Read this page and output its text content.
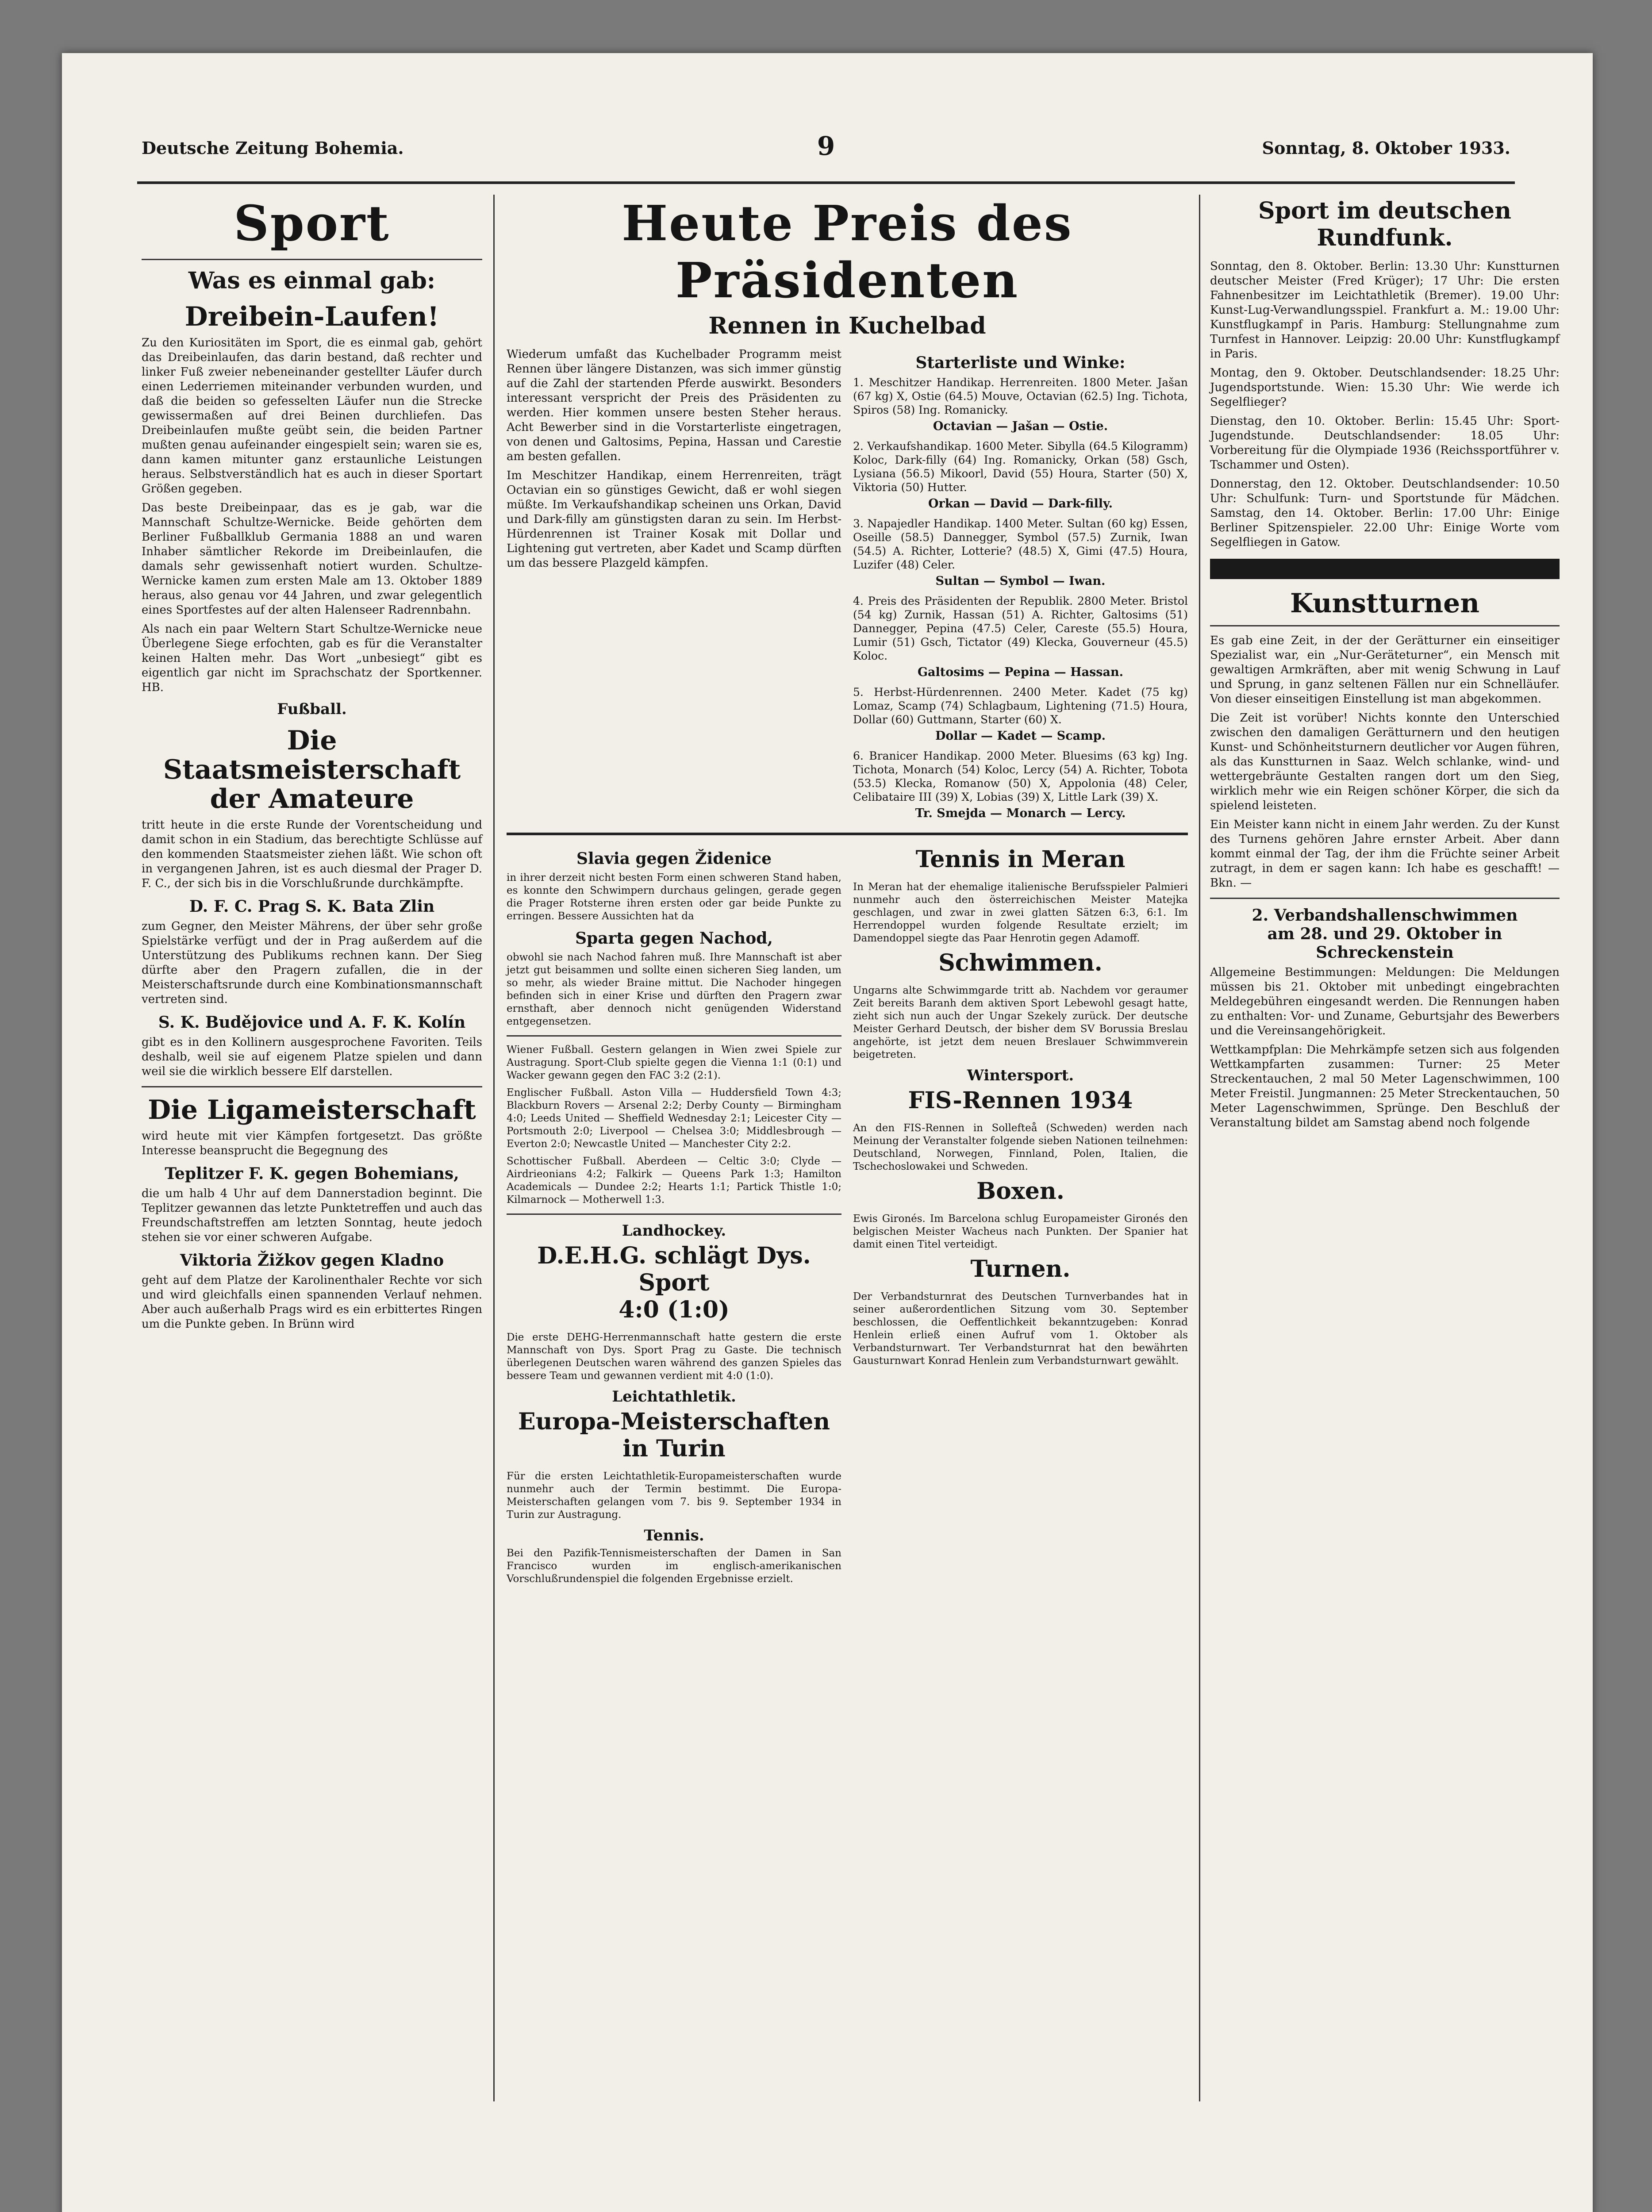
Deutsche Zeitung Bohemia.	9	Sonntag, 8. Oktober 1933.
Sport
Was es einmal gab:
Dreibein-Laufen!

Zu den Kuriositäten im Sport, die es einmal gab, gehört das Dreibeinlaufen, das darin bestand, daß rechter und linker Fuß zweier nebeneinander gestellter Läufer durch einen Lederriemen miteinander verbunden wurden, und daß die beiden so gefesselten Läufer nun die Strecke gewissermaßen auf drei Beinen durchliefen. Das Dreibeinlaufen mußte geübt sein, die beiden Partner mußten genau aufeinander eingespielt sein; waren sie es, dann kamen mitunter ganz erstaunliche Leistungen heraus. Selbstverständlich hat es auch in dieser Sportart Größen gegeben.

Das beste Dreibeinpaar, das es je gab, war die Mannschaft Schultze-Wernicke. Beide gehörten dem Berliner Fußballklub Germania 1888 an und waren Inhaber sämtlicher Rekorde im Dreibeinlaufen, die damals sehr gewissenhaft notiert wurden. Schultze-Wernicke kamen zum ersten Male am 13. Oktober 1889 heraus, also genau vor 44 Jahren, und zwar gelegentlich eines Sportfestes auf der alten Halenseer Radrennbahn.

Als nach ein paar Weltern Start Schultze-Wernicke neue Überlegene Siege erfochten, gab es für die Veranstalter keinen Halten mehr. Das Wort „unbesiegt“ gibt es eigentlich gar nicht im Sprachschatz der Sportkenner. HB.

Fußball.
Die Staatsmeisterschaft
der Amateure

tritt heute in die erste Runde der Vorentscheidung und damit schon in ein Stadium, das berechtigte Schlüsse auf den kommenden Staatsmeister ziehen läßt. Wie schon oft in vergangenen Jahren, ist es auch diesmal der Prager D. F. C., der sich bis in die Vorschlußrunde durchkämpfte.

D. F. C. Prag S. K. Bata Zlin

zum Gegner, den Meister Mährens, der über sehr große Spielstärke verfügt und der in Prag außerdem auf die Unterstützung des Publikums rechnen kann. Der Sieg dürfte aber den Pragern zufallen, die in der Meisterschaftsrunde durch eine Kombinationsmannschaft vertreten sind.

S. K. Budějovice und A. F. K. Kolín

gibt es in den Kollinern ausgesprochene Favoriten. Teils deshalb, weil sie auf eigenem Platze spielen und dann weil sie die wirklich bessere Elf darstellen.

Die Ligameisterschaft

wird heute mit vier Kämpfen fortgesetzt. Das größte Interesse beansprucht die Begegnung des

Teplitzer F. K. gegen Bohemians,

die um halb 4 Uhr auf dem Dannerstadion beginnt. Die Teplitzer gewannen das letzte Punktetreffen und auch das Freundschaftstreffen am letzten Sonntag, heute jedoch stehen sie vor einer schweren Aufgabe.

Viktoria Žižkov gegen Kladno

geht auf dem Platze der Karolinenthaler Rechte vor sich und wird gleichfalls einen spannenden Verlauf nehmen. Aber auch außerhalb Prags wird es ein erbittertes Ringen um die Punkte geben. In Brünn wird

Heute Preis des Präsidenten
Rennen in Kuchelbad

Wiederum umfaßt das Kuchelbader Programm meist Rennen über längere Distanzen, was sich immer günstig auf die Zahl der startenden Pferde auswirkt. Besonders interessant verspricht der Preis des Präsidenten zu werden. Hier kommen unsere besten Steher heraus. Acht Bewerber sind in die Vorstarterliste eingetragen, von denen und Galtosims, Pepina, Hassan und Carestie am besten gefallen.

Im Meschitzer Handikap, einem Herrenreiten, trägt Octavian ein so günstiges Gewicht, daß er wohl siegen müßte. Im Verkaufshandikap scheinen uns Orkan, David und Dark-filly am günstigsten daran zu sein. Im Herbst-Hürdenrennen ist Trainer Kosak mit Dollar und Lightening gut vertreten, aber Kadet und Scamp dürften um das bessere Plazgeld kämpfen.

Starterliste und Winke:

1. Meschitzer Handikap. Herrenreiten. 1800 Meter. Jašan (67 kg) X, Ostie (64.5) Mouve, Octavian (62.5) Ing. Tichota, Spiros (58) Ing. Romanicky.

Octavian — Jašan — Ostie.

2. Verkaufshandikap. 1600 Meter. Sibylla (64.5 Kilogramm) Koloc, Dark-filly (64) Ing. Romanicky, Orkan (58) Gsch, Lysiana (56.5) Mikoorl, David (55) Houra, Starter (50) X, Viktoria (50) Hutter.

Orkan — David — Dark-filly.

3. Napajedler Handikap. 1400 Meter. Sultan (60 kg) Essen, Oseille (58.5) Dannegger, Symbol (57.5) Zurnik, Iwan (54.5) A. Richter, Lotterie? (48.5) X, Gimi (47.5) Houra, Luzifer (48) Celer.

Sultan — Symbol — Iwan.

4. Preis des Präsidenten der Republik. 2800 Meter. Bristol (54 kg) Zurnik, Hassan (51) A. Richter, Galtosims (51) Dannegger, Pepina (47.5) Celer, Careste (55.5) Houra, Lumir (51) Gsch, Tictator (49) Klecka, Gouverneur (45.5) Koloc.

Galtosims — Pepina — Hassan.

5. Herbst-Hürdenrennen. 2400 Meter. Kadet (75 kg) Lomaz, Scamp (74) Schlagbaum, Lightening (71.5) Houra, Dollar (60) Guttmann, Starter (60) X.

Dollar — Kadet — Scamp.

6. Branicer Handikap. 2000 Meter. Bluesims (63 kg) Ing. Tichota, Monarch (54) Koloc, Lercy (54) A. Richter, Tobota (53.5) Klecka, Romanow (50) X, Appolonia (48) Celer, Celibataire III (39) X, Lobias (39) X, Little Lark (39) X.

Tr. Smejda — Monarch — Lercy.
Slavia gegen Židenice

in ihrer derzeit nicht besten Form einen schweren Stand haben, es konnte den Schwimpern durchaus gelingen, gerade gegen die Prager Rotsterne ihren ersten oder gar beide Punkte zu erringen. Bessere Aussichten hat da

Sparta gegen Nachod,

obwohl sie nach Nachod fahren muß. Ihre Mannschaft ist aber jetzt gut beisammen und sollte einen sicheren Sieg landen, um so mehr, als wieder Braine mittut. Die Nachoder hingegen befinden sich in einer Krise und dürften den Pragern zwar ernsthaft, aber dennoch nicht genügenden Widerstand entgegensetzen.

Wiener Fußball. Gestern gelangen in Wien zwei Spiele zur Austragung. Sport-Club spielte gegen die Vienna 1:1 (0:1) und Wacker gewann gegen den FAC 3:2 (2:1).

Englischer Fußball. Aston Villa — Huddersfield Town 4:3; Blackburn Rovers — Arsenal 2:2; Derby County — Birmingham 4:0; Leeds United — Sheffield Wednesday 2:1; Leicester City — Portsmouth 2:0; Liverpool — Chelsea 3:0; Middlesbrough — Everton 2:0; Newcastle United — Manchester City 2:2.

Schottischer Fußball. Aberdeen — Celtic 3:0; Clyde — Airdrieonians 4:2; Falkirk — Queens Park 1:3; Hamilton Academicals — Dundee 2:2; Hearts 1:1; Partick Thistle 1:0; Kilmarnock — Motherwell 1:3.

Landhockey.
D.E.H.G. schlägt Dys. Sport
4:0 (1:0)

Die erste DEHG-Herrenmannschaft hatte gestern die erste Mannschaft von Dys. Sport Prag zu Gaste. Die technisch überlegenen Deutschen waren während des ganzen Spieles das bessere Team und gewannen verdient mit 4:0 (1:0).

Leichtathletik.
Europa-Meisterschaften
in Turin

Für die ersten Leichtathletik-Europameisterschaften wurde nunmehr auch der Termin bestimmt. Die Europa-Meisterschaften gelangen vom 7. bis 9. September 1934 in Turin zur Austragung.

Tennis.

Bei den Pazifik-Tennismeisterschaften der Damen in San Francisco wurden im englisch-amerikanischen Vorschlußrundenspiel die folgenden Ergebnisse erzielt.

Tennis in Meran

In Meran hat der ehemalige italienische Berufsspieler Palmieri nunmehr auch den österreichischen Meister Matejka geschlagen, und zwar in zwei glatten Sätzen 6:3, 6:1. Im Herrendoppel wurden folgende Resultate erzielt; im Damendoppel siegte das Paar Henrotin gegen Adamoff.

Schwimmen.

Ungarns alte Schwimmgarde tritt ab. Nachdem vor geraumer Zeit bereits Baranh dem aktiven Sport Lebewohl gesagt hatte, zieht sich nun auch der Ungar Szekely zurück. Der deutsche Meister Gerhard Deutsch, der bisher dem SV Borussia Breslau angehörte, ist jetzt dem neuen Breslauer Schwimmverein beigetreten.

Wintersport.
FIS-Rennen 1934

An den FIS-Rennen in Sollefteå (Schweden) werden nach Meinung der Veranstalter folgende sieben Nationen teilnehmen: Deutschland, Norwegen, Finnland, Polen, Italien, die Tschechoslowakei und Schweden.

Boxen.

Ewis Gironés. Im Barcelona schlug Europameister Gironés den belgischen Meister Wacheus nach Punkten. Der Spanier hat damit einen Titel verteidigt.

Turnen.

Der Verbandsturnrat des Deutschen Turnverbandes hat in seiner außerordentlichen Sitzung vom 30. September beschlossen, die Oeffentlichkeit bekanntzugeben: Konrad Henlein erließ einen Aufruf vom 1. Oktober als Verbandsturnwart. Ter Verbandsturnrat hat den bewährten Gausturnwart Konrad Henlein zum Verbandsturnwart gewählt.

Sport im deutschen Rundfunk.

Sonntag, den 8. Oktober. Berlin: 13.30 Uhr: Kunstturnen deutscher Meister (Fred Krüger); 17 Uhr: Die ersten Fahnenbesitzer im Leichtathletik (Bremer). 19.00 Uhr: Kunst-Lug-Verwandlungsspiel. Frankfurt a. M.: 19.00 Uhr: Kunstflugkampf in Paris. Hamburg: Stellungnahme zum Turnfest in Hannover. Leipzig: 20.00 Uhr: Kunstflugkampf in Paris.

Montag, den 9. Oktober. Deutschlandsender: 18.25 Uhr: Jugendsportstunde. Wien: 15.30 Uhr: Wie werde ich Segelflieger?

Dienstag, den 10. Oktober. Berlin: 15.45 Uhr: Sport-Jugendstunde. Deutschlandsender: 18.05 Uhr: Vorbereitung für die Olympiade 1936 (Reichssportführer v. Tschammer und Osten).

Donnerstag, den 12. Oktober. Deutschlandsender: 10.50 Uhr: Schulfunk: Turn- und Sportstunde für Mädchen. Samstag, den 14. Oktober. Berlin: 17.00 Uhr: Einige Berliner Spitzenspieler. 22.00 Uhr: Einige Worte vom Segelfliegen in Gatow.

Kunstturnen

Es gab eine Zeit, in der der Gerätturner ein einseitiger Spezialist war, ein „Nur-Geräteturner“, ein Mensch mit gewaltigen Armkräften, aber mit wenig Schwung in Lauf und Sprung, in ganz seltenen Fällen nur ein Schnelläufer. Von dieser einseitigen Einstellung ist man abgekommen.

Die Zeit ist vorüber! Nichts konnte den Unterschied zwischen den damaligen Gerätturnern und den heutigen Kunst- und Schönheitsturnern deutlicher vor Augen führen, als das Kunstturnen in Saaz. Welch schlanke, wind- und wettergebräunte Gestalten rangen dort um den Sieg, wirklich mehr wie ein Reigen schöner Körper, die sich da spielend leisteten.

Ein Meister kann nicht in einem Jahr werden. Zu der Kunst des Turnens gehören Jahre ernster Arbeit. Aber dann kommt einmal der Tag, der ihm die Früchte seiner Arbeit zutragt, in dem er sagen kann: Ich habe es geschafft! — Bkn. —

2. Verbandshallenschwimmen
am 28. und 29. Oktober in Schreckenstein

Allgemeine Bestimmungen: Meldungen: Die Meldungen müssen bis 21. Oktober mit unbedingt eingebrachten Meldegebühren eingesandt werden. Die Rennungen haben zu enthalten: Vor- und Zuname, Geburtsjahr des Bewerbers und die Vereinsangehörigkeit.

Wettkampfplan: Die Mehrkämpfe setzen sich aus folgenden Wettkampfarten zusammen: Turner: 25 Meter Streckentauchen, 2 mal 50 Meter Lagenschwimmen, 100 Meter Freistil. Jungmannen: 25 Meter Streckentauchen, 50 Meter Lagenschwimmen, Sprünge. Den Beschluß der Veranstaltung bildet am Samstag abend noch folgende
